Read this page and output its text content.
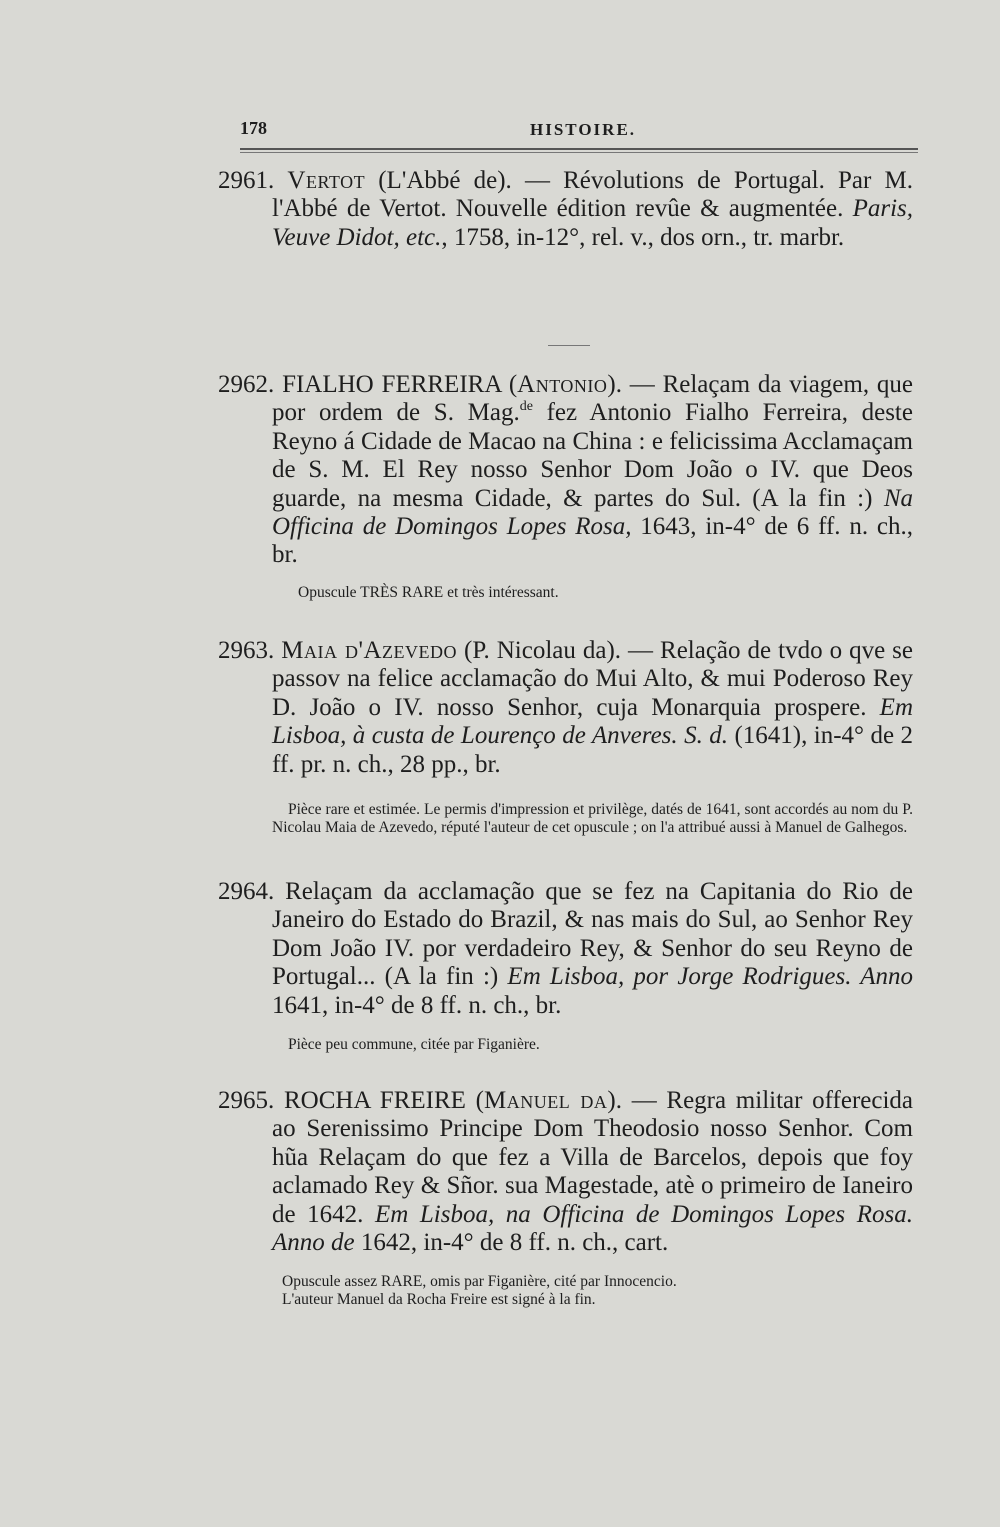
178	HISTOIRE.

2961. Vertot (L'Abbé de). — Révolutions de Portugal. Par M. l'Abbé de Vertot. Nouvelle édition revûe & augmentée. Paris, Veuve Didot, etc., 1758, in-12°, rel. v., dos orn., tr. marbr.

2962. FIALHO FERREIRA (Antonio). — Relaçam da viagem, que por ordem de S. Mag.$^{de}$ fez Antonio Fialho Ferreira, deste Reyno á Cidade de Macao na China : e felicissima Acclamaçam de S. M. El Rey nosso Senhor Dom João o IV. que Deos guarde, na mesma Cidade, & partes do Sul. (A la fin :) Na Officina de Domingos Lopes Rosa, 1643, in-4° de 6 ff. n. ch., br.

Opuscule TRÈS RARE et très intéressant.

2963. Maia d'Azevedo (P. Nicolau da). — Relação de tvdo o qve se passov na felice acclamação do Mui Alto, & mui Poderoso Rey D. João o IV. nosso Senhor, cuja Monarquia prospere. Em Lisboa, à custa de Lourenço de Anveres. S. d. (1641), in-4° de 2 ff. pr. n. ch., 28 pp., br.

Pièce rare et estimée. Le permis d'impression et privilège, datés de 1641, sont accordés au nom du P. Nicolau Maia de Azevedo, réputé l'auteur de cet opuscule ; on l'a attribué aussi à Manuel de Galhegos.

2964. Relaçam da acclamação que se fez na Capitania do Rio de Janeiro do Estado do Brazil, & nas mais do Sul, ao Senhor Rey Dom João IV. por verdadeiro Rey, & Senhor do seu Reyno de Portugal... (A la fin :) Em Lisboa, por Jorge Rodrigues. Anno 1641, in-4° de 8 ff. n. ch., br.

Pièce peu commune, citée par Figanière.

2965. ROCHA FREIRE (Manuel da). — Regra militar offerecida ao Serenissimo Principe Dom Theodosio nosso Senhor. Com hũa Relaçam do que fez a Villa de Barcelos, depois que foy aclamado Rey & Sñor. sua Magestade, atè o primeiro de Ianeiro de 1642. Em Lisboa, na Officina de Domingos Lopes Rosa. Anno de 1642, in-4° de 8 ff. n. ch., cart.

Opuscule assez RARE, omis par Figanière, cité par Innocencio.

L'auteur Manuel da Rocha Freire est signé à la fin.
